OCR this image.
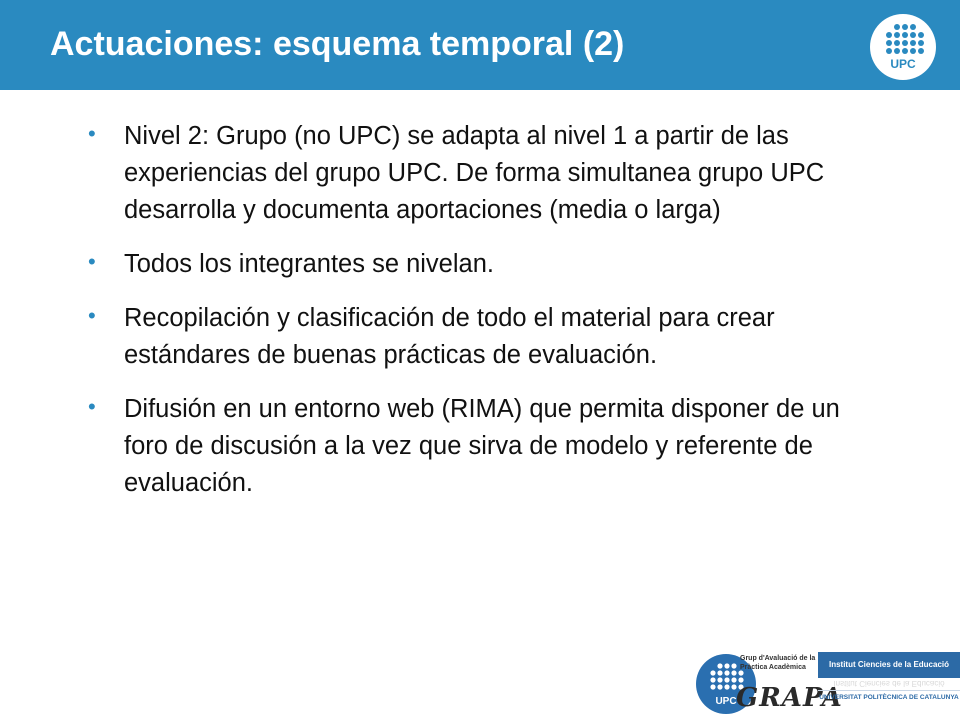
Actuaciones: esquema temporal (2)
UPC
• Nivel 2: Grupo (no UPC) se adapta al nivel 1 a partir de las experiencias del grupo UPC. De forma simultanea grupo UPC desarrolla y documenta aportaciones (media o larga)
• Todos los integrantes se nivelan.
• Recopilación y clasificación de todo el material para crear estándares de buenas prácticas de evaluación.
• Difusión en un entorno web (RIMA) que permita disponer de un foro de discusión a la vez que sirva de modelo y referente de evaluación.
UPC
Grup d'Avaluació de la Pràctica Acadèmica
GRAPA
Institut Ciencies de la Educació
Institut Ciencies de la Educació
UNIVERSITAT POLITÈCNICA DE CATALUNYA
